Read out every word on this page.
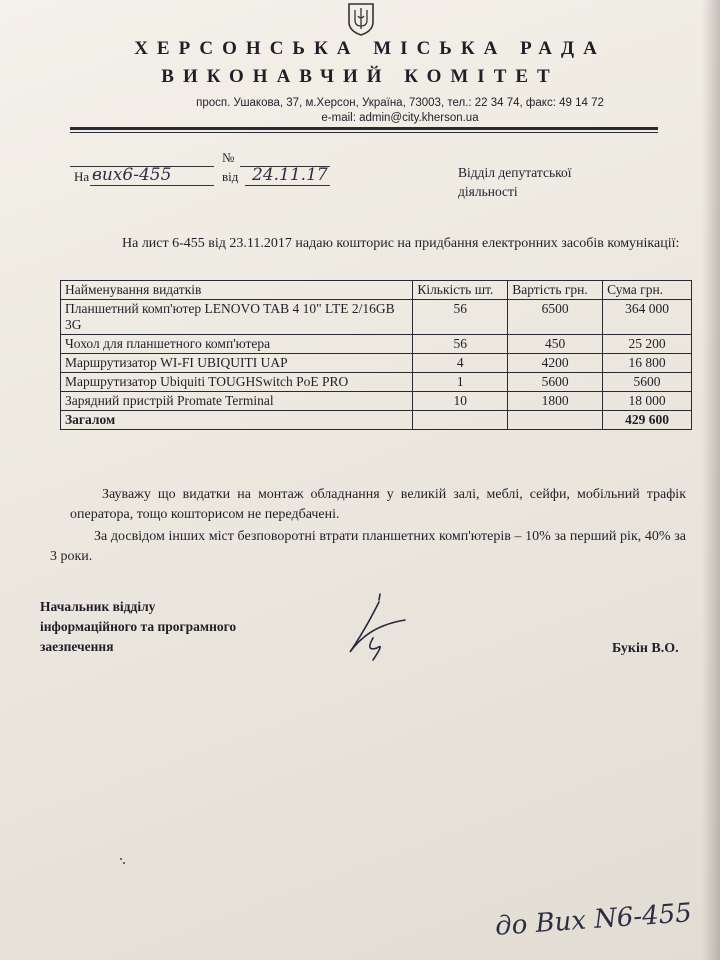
ХЕРСОНСЬКА МІСЬКА РАДА
ВИКОНАВЧИЙ КОМІТЕТ
просп. Ушакова, 37, м.Херсон, Україна, 73003, тел.: 22 34 74, факс: 49 14 72
e-mail: admin@city.kherson.ua
№
На вих6-455	від 24.11.17	Відділ депутатської
діяльності
На лист 6-455 від 23.11.2017 надаю кошторис на придбання електронних засобів комунікації:
Найменування видатків	Кількість шт.	Вартість грн.	Сума грн.
Планшетний комп'ютер LENOVO TAB 4 10" LTE 2/16GB 3G	56	6500	364 000
Чохол для планшетного комп'ютера	56	450	25 200
Маршрутизатор WI-FI UBIQUITI UAP	4	4200	16 800
Маршрутизатор Ubiquiti TOUGHSwitch PoE PRO	1	5600	5600
Зарядний пристрій Promate Terminal	10	1800	18 000
Загалом			429 600
Зауважу що видатки на монтаж обладнання у великій залі, меблі, сейфи, мобільний трафік оператора, тощо кошторисом не передбачені.
За досвідом інших міст безповоротні втрати планшетних комп'ютерів – 10% за перший рік, 40% за 3 роки.
Начальник відділу
інформаційного та програмного
заезпечення	Букін В.О.
до Вих N6-455
